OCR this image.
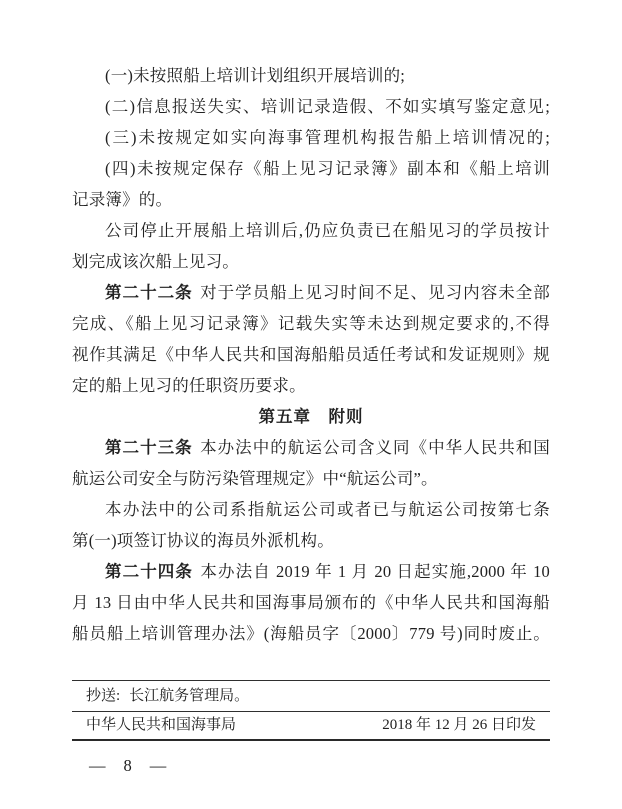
(一)未按照船上培训计划组织开展培训的;
(二)信息报送失实、培训记录造假、不如实填写鉴定意见;
(三)未按规定如实向海事管理机构报告船上培训情况的;
(四)未按规定保存《船上见习记录簿》副本和《船上培训
记录簿》的。
公司停止开展船上培训后,仍应负责已在船见习的学员按计
划完成该次船上见习。
第二十二条 对于学员船上见习时间不足、见习内容未全部
完成、《船上见习记录簿》记载失实等未达到规定要求的,不得
视作其满足《中华人民共和国海船船员适任考试和发证规则》规
定的船上见习的任职资历要求。
第五章　附则
第二十三条 本办法中的航运公司含义同《中华人民共和国
航运公司安全与防污染管理规定》中“航运公司”。
本办法中的公司系指航运公司或者已与航运公司按第七条
第(一)项签订协议的海员外派机构。
第二十四条 本办法自 2019 年 1 月 20 日起实施,2000 年 10
月 13 日由中华人民共和国海事局颁布的《中华人民共和国海船
船员船上培训管理办法》(海船员字〔2000〕779 号)同时废止。
抄送: 长江航务管理局。
中华人民共和国海事局	2018 年 12 月 26 日印发
— 8 —
